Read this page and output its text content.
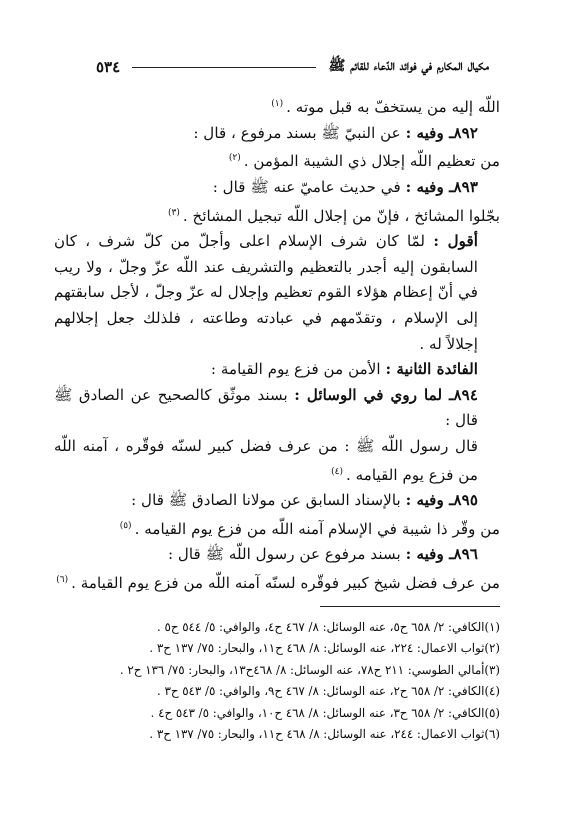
مكيال المكارم في فوائد الدّعاء للقائم ﷺ
٥٣٤

اللّه إليه من يستخفّ به قبل موته .$^{(١)}$

٨٩٢ـ وفيه : عن النبيّ ﷺ بسند مرفوع ، قال :

من تعظيم اللّه إجلال ذي الشيبة المؤمن .$^{(٢)}$

٨٩٣ـ وفيه : في حديث عاميّ عنه ﷺ قال :

بجّلوا المشائخ ، فإنّ من إجلال اللّه تبجيل المشائخ .$^{(٣)}$

أقول : لمّا كان شرف الإسلام اعلى وأجلّ من كلّ شرف ، كان السابقون إليه أجدر بالتعظيم والتشريف عند اللّه عزّ وجلّ ، ولا ريب في أنّ إعظام هؤلاء القوم تعظيم وإجلال له عزّ وجلّ ، لأجل سابقتهم إلى الإسلام ، وتقدّمهم في عبادته وطاعته ، فلذلك جعل إجلالهم إجلالاً له .

الفائدة الثانية : الأمن من فزع يوم القيامة :

٨٩٤ـ لما روي في الوسائل : بسند موثّق كالصحيح عن الصادق ﷺ قال :

قال رسول اللّه ﷺ : من عرف فضل كبير لسنّه فوقّره ، آمنه اللّه من فزع يوم القيامه .$^{(٤)}$

٨٩٥ـ وفيه : بالإسناد السابق عن مولانا الصادق ﷺ قال :

من وقّر ذا شيبة في الإسلام آمنه اللّه من فزع يوم القيامه .$^{(٥)}$

٨٩٦ـ وفيه : بسند مرفوع عن رسول اللّه ﷺ قال :

من عرف فضل شيخ كبير فوقّره لسنّه آمنه اللّه من فزع يوم القيامة .$^{(٦)}$

(١)الكافي: ٢/ ٦٥٨ ح٥، عنه الوسائل: ٨/ ٤٦٧ ح٤، والوافي: ٥/ ٥٤٤ ح٥ .

(٢)ثواب الاعمال: ٢٢٤، عنه الوسائل: ٨/ ٤٦٨ ح١١، والبحار: ٧٥/ ١٣٧ ح٣ .

(٣)أمالي الطوسي: ٢١١ ح٧٨، عنه الوسائل: ٨/ ٤٦٨ح١٣، والبحار: ٧٥/ ١٣٦ ح٢ .

(٤)الكافي: ٢/ ٦٥٨ ح٢، عنه الوسائل: ٨/ ٤٦٧ ح٩، والوافي: ٥/ ٥٤٣ ح٣ .

(٥)الكافي: ٢/ ٦٥٨ ح٣، عنه الوسائل: ٨/ ٤٦٨ ح١٠، والوافي: ٥/ ٥٤٣ ح٤ .

(٦)ثواب الاعمال: ٢٤٤، عنه الوسائل: ٨/ ٤٦٨ ح١١، والبحار: ٧٥/ ١٣٧ ح٣ .
